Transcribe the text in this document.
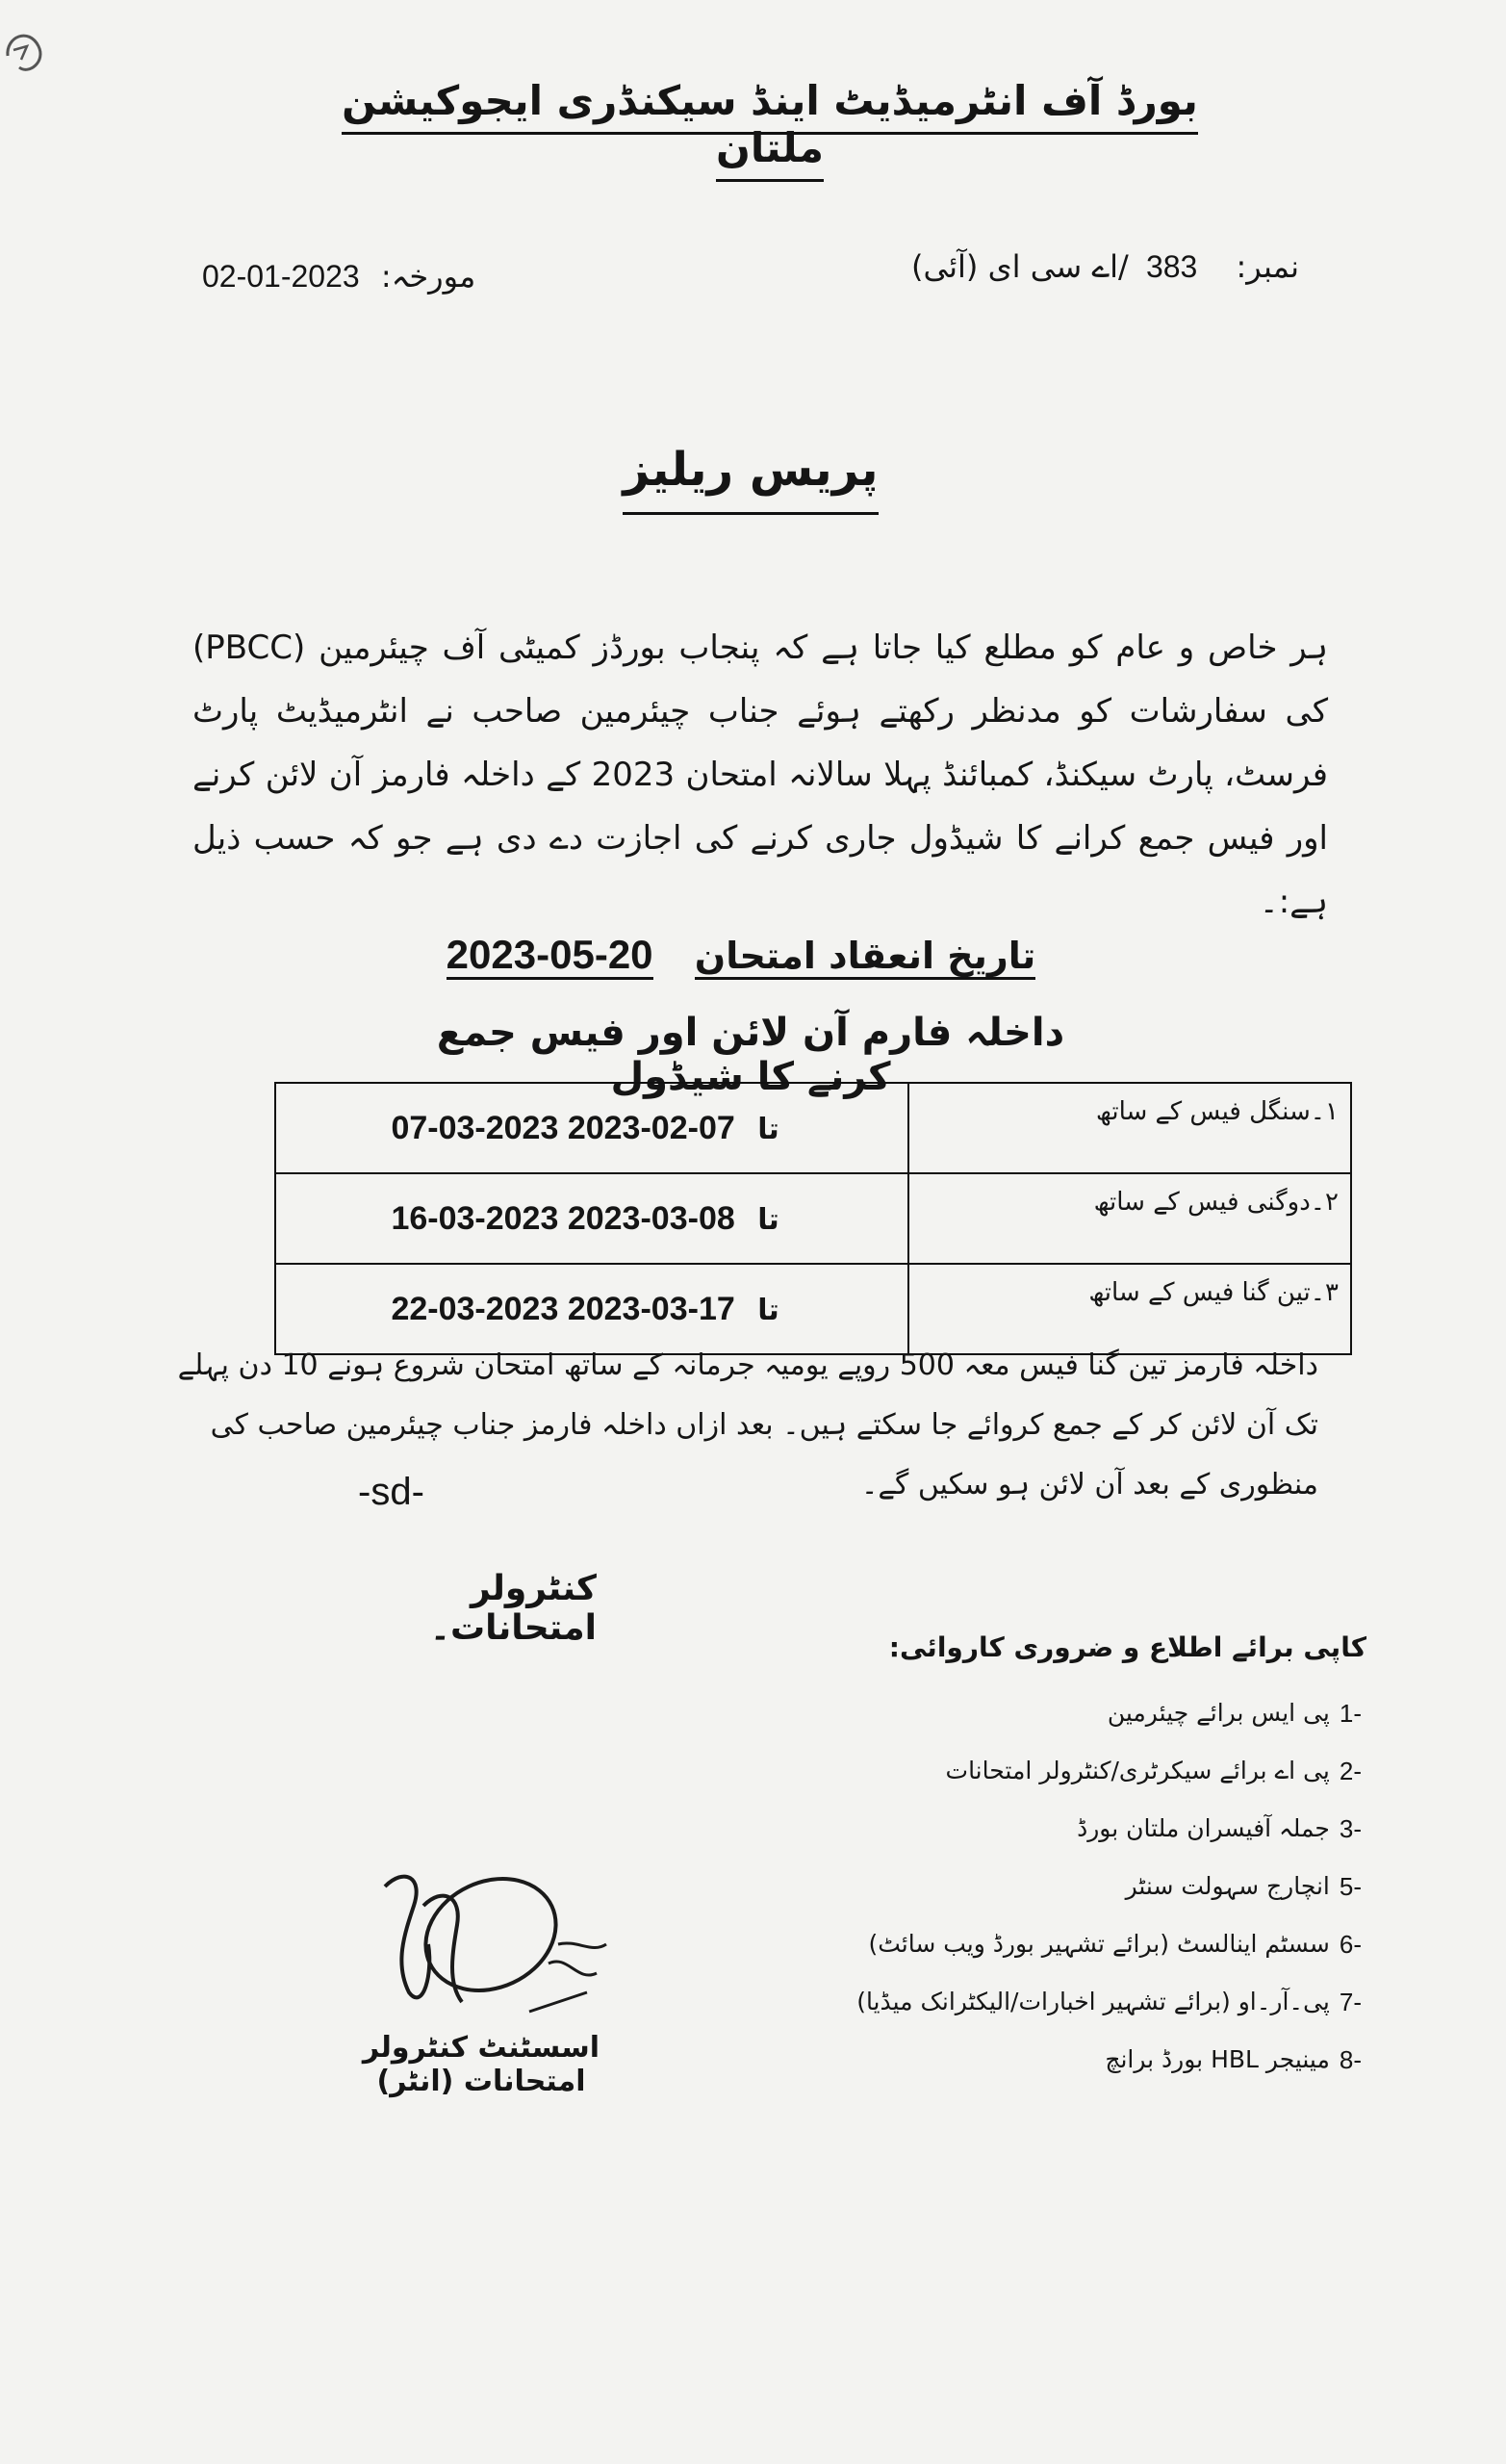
بورڈ آف انٹرمیڈیٹ اینڈ سیکنڈری ایجوکیشن ملتان
نمبر: 383 /اے سی ای (آئی)
02-01-2023 مورخہ:
پریس ریلیز
ہر خاص و عام کو مطلع کیا جاتا ہے کہ پنجاب بورڈز کمیٹی آف چیئرمین (PBCC) کی سفارشات کو مدنظر رکھتے ہوئے جناب چیئرمین صاحب نے انٹرمیڈیٹ پارٹ فرسٹ، پارٹ سیکنڈ، کمبائنڈ پہلا سالانہ امتحان 2023 کے داخلہ فارمز آن لائن کرنے اور فیس جمع کرانے کا شیڈول جاری کرنے کی اجازت دے دی ہے جو کہ حسب ذیل ہے:۔
تاریخ انعقاد امتحان 20-05-2023
داخلہ فارم آن لائن اور فیس جمع کرنے کا شیڈول
07-03-2023 تا 07-02-2023	۱۔سنگل فیس کے ساتھ
16-03-2023 تا 08-03-2023	۲۔دوگنی فیس کے ساتھ
22-03-2023 تا 17-03-2023	۳۔تین گنا فیس کے ساتھ
داخلہ فارمز تین گنا فیس معہ 500 روپے یومیہ جرمانہ کے ساتھ امتحان شروع ہونے 10 دن پہلے تک آن لائن کر کے جمع کروائے جا سکتے ہیں۔ بعد ازاں داخلہ فارمز جناب چیئرمین صاحب کی منظوری کے بعد آن لائن ہو سکیں گے۔
-sd-
کنٹرولر امتحانات۔	کاپی برائے اطلاع و ضروری کاروائی:
1-
پی ایس برائے چیئرمین
2-
پی اے برائے سیکرٹری/کنٹرولر امتحانات
3-
جملہ آفیسران ملتان بورڈ
5-
انچارج سہولت سنٹر
6-
سسٹم اینالسٹ (برائے تشہیر بورڈ ویب سائٹ)
7-
پی۔آر۔او (برائے تشہیر اخبارات/الیکٹرانک میڈیا)
8-
مینیجر HBL بورڈ برانچ
اسسٹنٹ کنٹرولر امتحانات (انٹر)
